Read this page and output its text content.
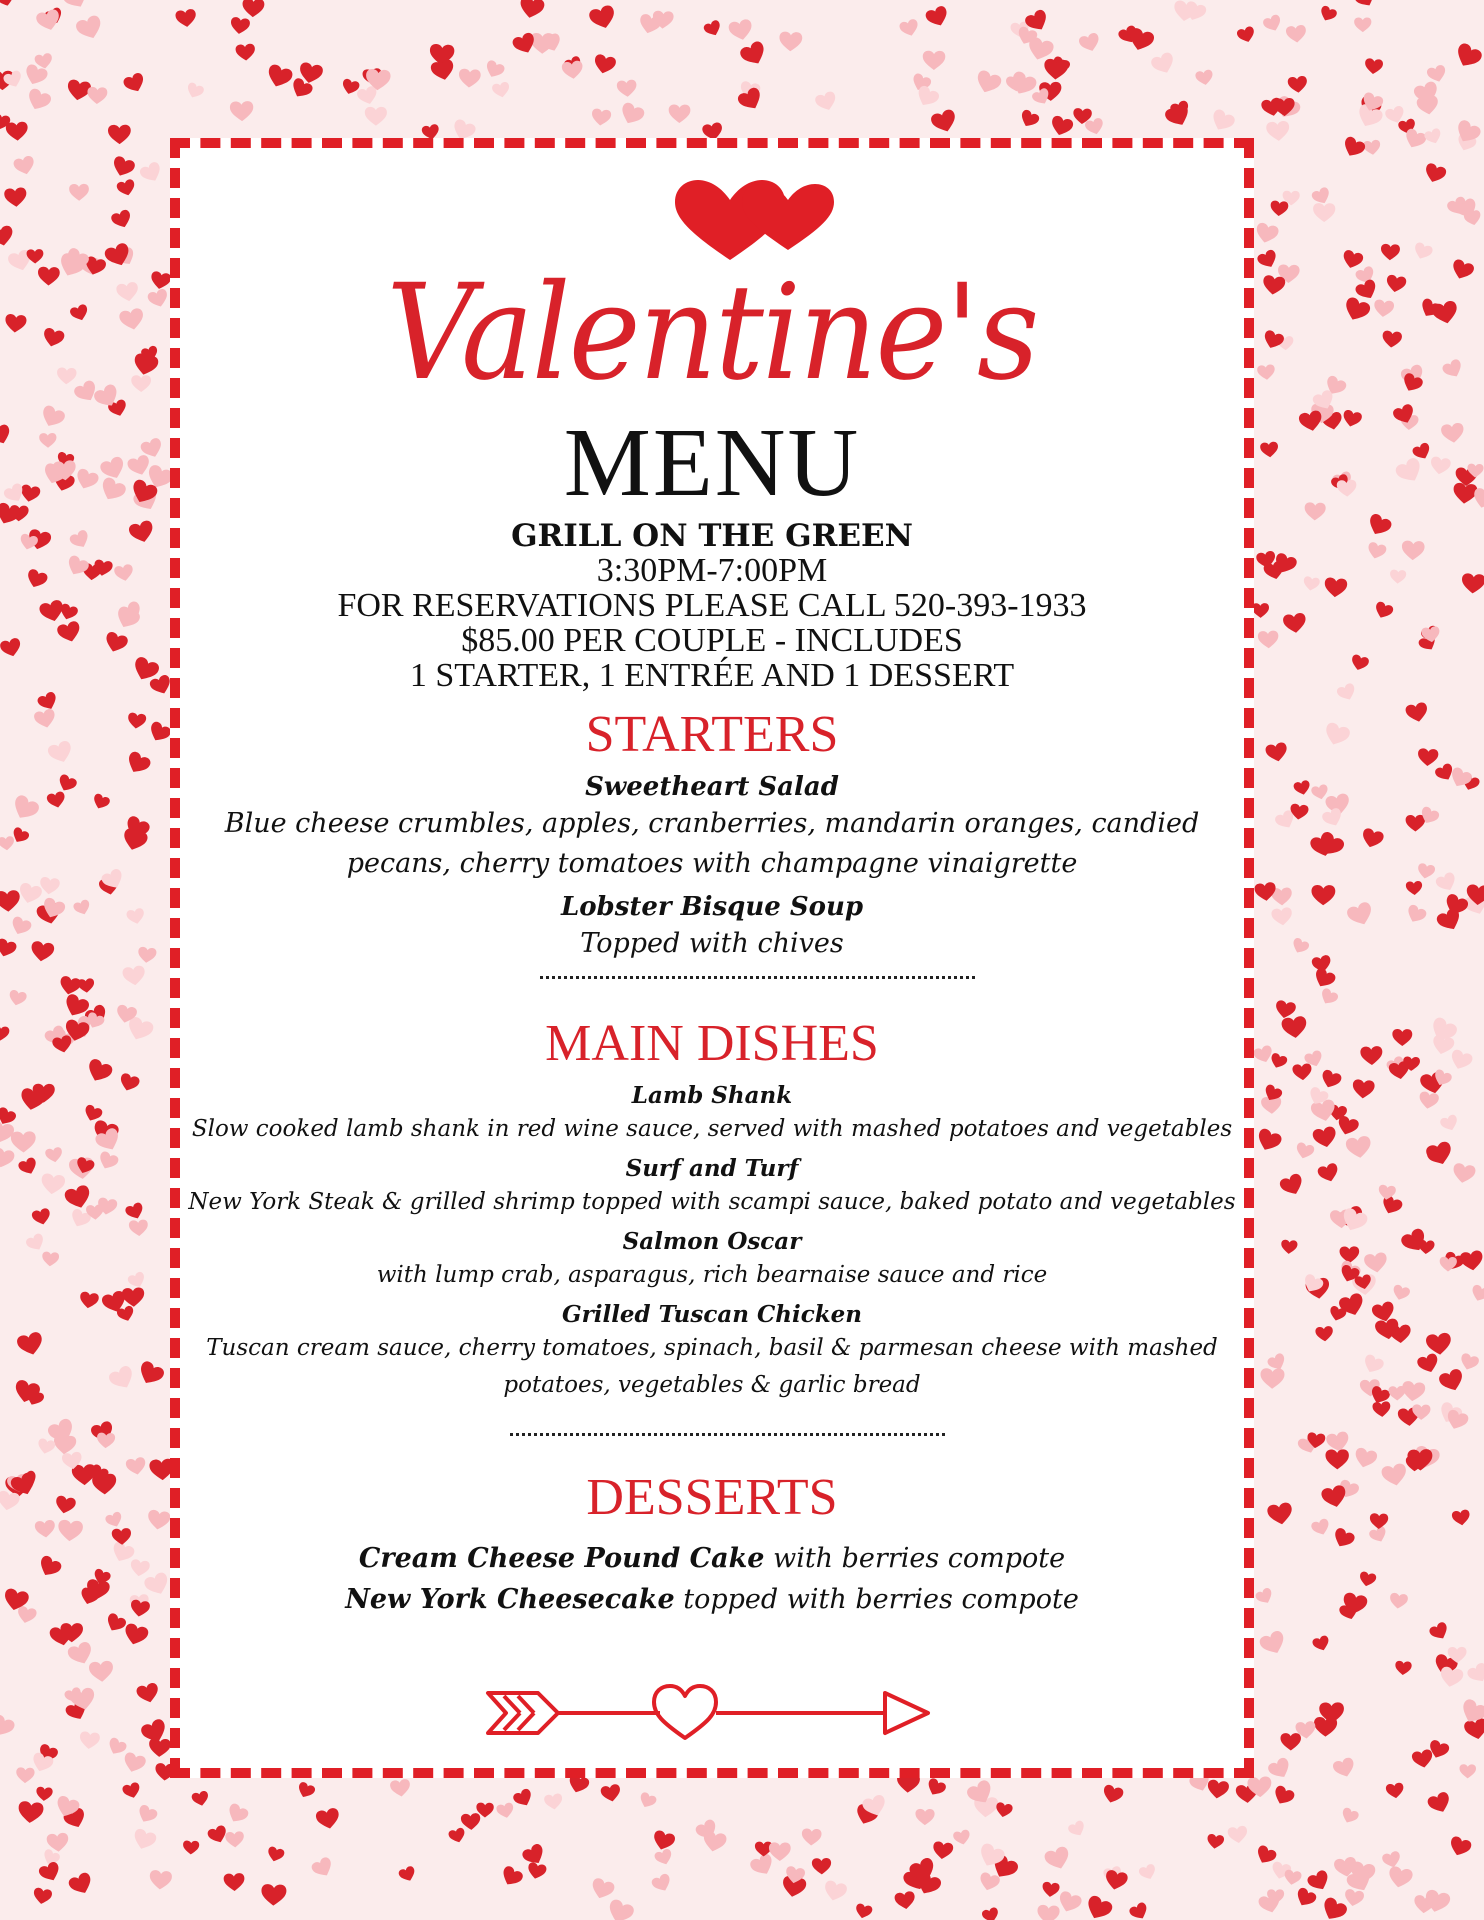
Valentine's
MENU
GRILL ON THE GREEN
3:30PM-7:00PM
FOR RESERVATIONS PLEASE CALL 520-393-1933
$85.00 PER COUPLE - INCLUDES
1 STARTER, 1 ENTRÉE AND 1 DESSERT
STARTERS
Sweetheart Salad
Blue cheese crumbles, apples, cranberries, mandarin oranges, candied
pecans, cherry tomatoes with champagne vinaigrette
Lobster Bisque Soup
Topped with chives
MAIN DISHES
Lamb Shank
Slow cooked lamb shank in red wine sauce, served with mashed potatoes and vegetables
Surf and Turf
New York Steak & grilled shrimp topped with scampi sauce, baked potato and vegetables
Salmon Oscar
with lump crab, asparagus, rich bearnaise sauce and rice
Grilled Tuscan Chicken
Tuscan cream sauce, cherry tomatoes, spinach, basil & parmesan cheese with mashed
potatoes, vegetables & garlic bread
DESSERTS
Cream Cheese Pound Cake with berries compote
New York Cheesecake topped with berries compote
